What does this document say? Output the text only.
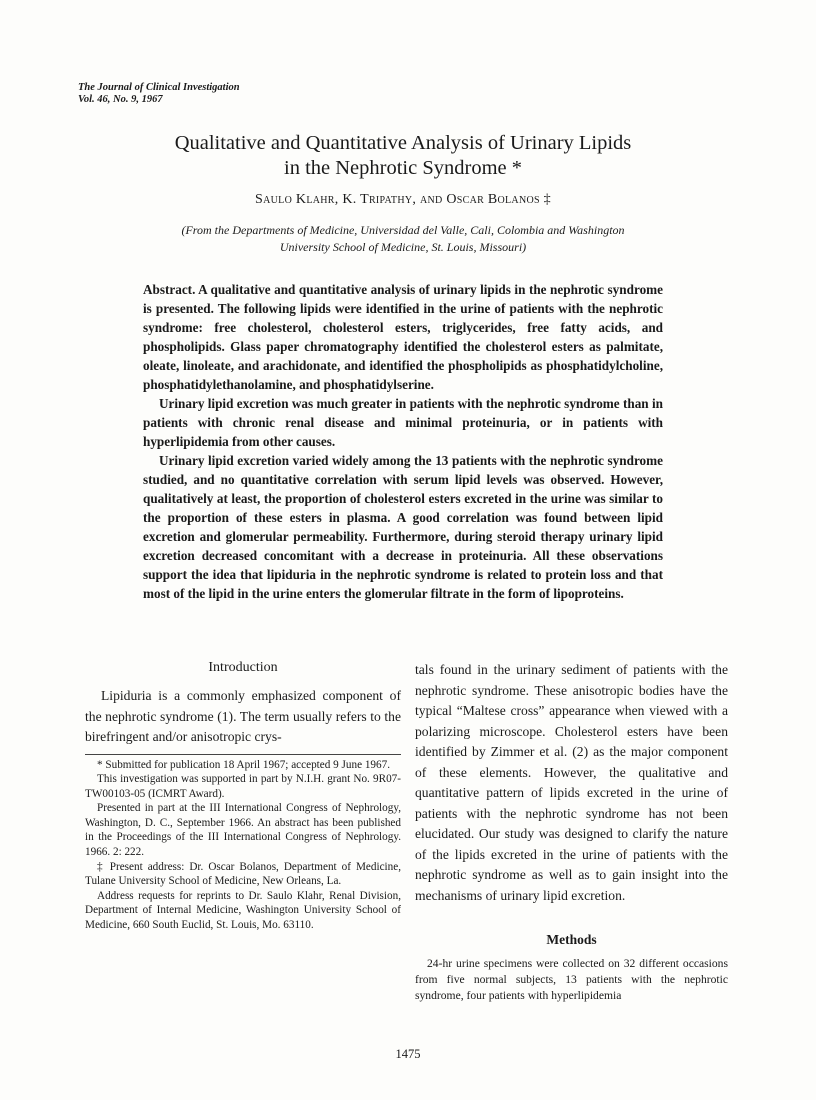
The Journal of Clinical Investigation
Vol. 46, No. 9, 1967
Qualitative and Quantitative Analysis of Urinary Lipids
in the Nephrotic Syndrome *
Saulo Klahr, K. Tripathy, and Oscar Bolanos ‡
(From the Departments of Medicine, Universidad del Valle, Cali, Colombia and Washington
University School of Medicine, St. Louis, Missouri)

Abstract. A qualitative and quantitative analysis of urinary lipids in the nephrotic syndrome is presented. The following lipids were identified in the urine of patients with the nephrotic syndrome: free cholesterol, cholesterol esters, triglycerides, free fatty acids, and phospholipids. Glass paper chromatography identified the cholesterol esters as palmitate, oleate, linoleate, and arachidonate, and identified the phospholipids as phosphatidylcholine, phosphatidylethanolamine, and phosphatidylserine.

Urinary lipid excretion was much greater in patients with the nephrotic syndrome than in patients with chronic renal disease and minimal proteinuria, or in patients with hyperlipidemia from other causes.

Urinary lipid excretion varied widely among the 13 patients with the nephrotic syndrome studied, and no quantitative correlation with serum lipid levels was observed. However, qualitatively at least, the proportion of cholesterol esters excreted in the urine was similar to the proportion of these esters in plasma. A good correlation was found between lipid excretion and glomerular permeability. Furthermore, during steroid therapy urinary lipid excretion decreased concomitant with a decrease in proteinuria. All these observations support the idea that lipiduria in the nephrotic syndrome is related to protein loss and that most of the lipid in the urine enters the glomerular filtrate in the form of lipoproteins.

Introduction

Lipiduria is a commonly emphasized component of the nephrotic syndrome (1). The term usually refers to the birefringent and/or anisotropic crys-

* Submitted for publication 18 April 1967; accepted 9 June 1967.

This investigation was supported in part by N.I.H. grant No. 9R07-TW00103-05 (ICMRT Award).

Presented in part at the III International Congress of Nephrology, Washington, D. C., September 1966. An abstract has been published in the Proceedings of the III International Congress of Nephrology. 1966. 2: 222.

‡ Present address: Dr. Oscar Bolanos, Department of Medicine, Tulane University School of Medicine, New Orleans, La.

Address requests for reprints to Dr. Saulo Klahr, Renal Division, Department of Internal Medicine, Washington University School of Medicine, 660 South Euclid, St. Louis, Mo. 63110.

tals found in the urinary sediment of patients with the nephrotic syndrome. These anisotropic bodies have the typical “Maltese cross” appearance when viewed with a polarizing microscope. Cholesterol esters have been identified by Zimmer et al. (2) as the major component of these elements. However, the qualitative and quantitative pattern of lipids excreted in the urine of patients with the nephrotic syndrome has not been elucidated. Our study was designed to clarify the nature of the lipids excreted in the urine of patients with the nephrotic syndrome as well as to gain insight into the mechanisms of urinary lipid excretion.

Methods

24-hr urine specimens were collected on 32 different occasions from five normal subjects, 13 patients with the nephrotic syndrome, four patients with hyperlipidemia

1475
